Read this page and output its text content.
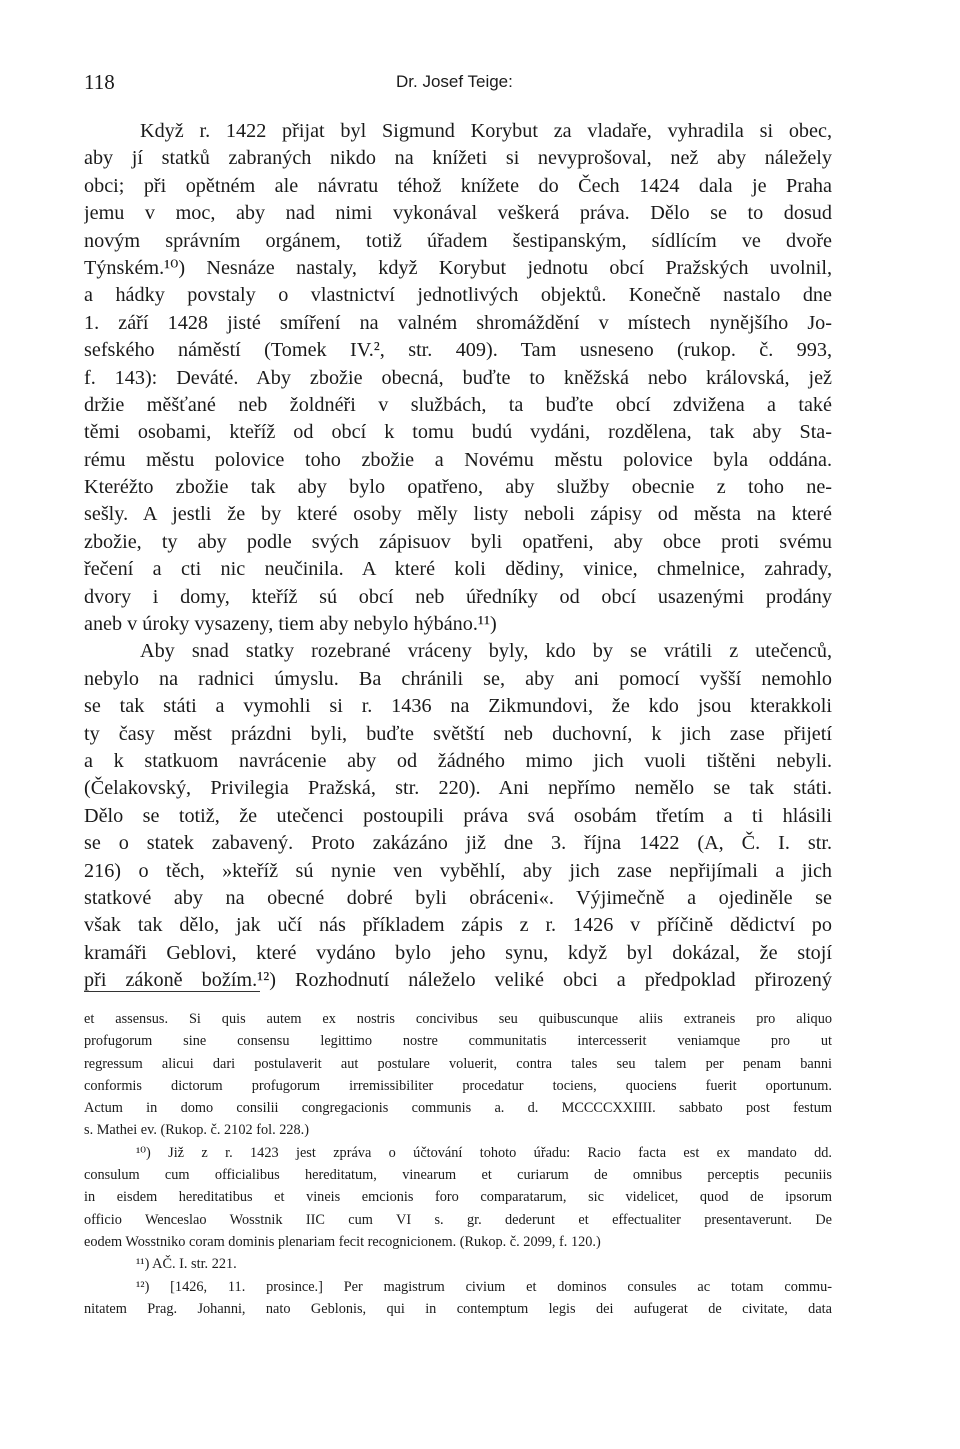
118	Dr. Josef Teige:
Když r. 1422 přijat byl Sigmund Korybut za vladaře, vyhradila si obec,
aby jí statků zabraných nikdo na knížeti si nevyprošoval, než aby náležely
obci; při opětném ale návratu téhož knížete do Čech 1424 dala je Praha
jemu v moc, aby nad nimi vykonával veškerá práva. Dělo se to dosud
novým správním orgánem, totiž úřadem šestipanským, sídlícím ve dvoře
Týnském.¹⁰) Nesnáze nastaly, když Korybut jednotu obcí Pražských uvolnil,
a hádky povstaly o vlastnictví jednotlivých objektů. Konečně nastalo dne
1. září 1428 jisté smíření na valném shromáždění v místech nynějšího Jo-
sefského náměstí (Tomek IV.², str. 409). Tam usneseno (rukop. č. 993,
f. 143): Deváté. Aby zbožie obecná, buďte to kněžská nebo královská, jež
držie měšťané neb žoldnéři v službách, ta buďte obcí zdvižena a také
těmi osobami, kteříž od obcí k tomu budú vydáni, rozdělena, tak aby Sta-
rému městu polovice toho zbožie a Novému městu polovice byla oddána.
Kteréžto zbožie tak aby bylo opatřeno, aby služby obecnie z toho ne-
sešly. A jestli že by které osoby měly listy neboli zápisy od města na které
zbožie, ty aby podle svých zápisuov byli opatřeni, aby obce proti svému
řečení a cti nic neučinila. A které koli dědiny, vinice, chmelnice, zahrady,
dvory i domy, kteříž sú obcí neb úředníky od obcí usazenými prodány
aneb v úroky vysazeny, tiem aby nebylo hýbáno.¹¹)
Aby snad statky rozebrané vráceny byly, kdo by se vrátili z utečenců,
nebylo na radnici úmyslu. Ba chránili se, aby ani pomocí vyšší nemohlo
se tak státi a vymohli si r. 1436 na Zikmundovi, že kdo jsou kterakkoli
ty časy měst prázdni byli, buďte světští neb duchovní, k jich zase přijetí
a k statkuom navrácenie aby od žádného mimo jich vuoli tištěni nebyli.
(Čelakovský, Privilegia Pražská, str. 220). Ani nepřímo nemělo se tak státi.
Dělo se totiž, že utečenci postoupili práva svá osobám třetím a ti hlásili
se o statek zabavený. Proto zakázáno již dne 3. října 1422 (A, Č. I. str.
216) o těch, »kteříž sú nynie ven vyběhlí, aby jich zase nepřijímali a jich
statkové aby na obecné dobré byli obráceni«. Výjimečně a ojediněle se
však tak dělo, jak učí nás příkladem zápis z r. 1426 v příčině dědictví po
kramáři Geblovi, které vydáno bylo jeho synu, když byl dokázal, že stojí
při zákoně božím.¹²) Rozhodnutí náleželo veliké obci a předpoklad přirozený
et assensus. Si quis autem ex nostris concivibus seu quibuscunque aliis extraneis pro aliquo
profugorum sine consensu legittimo nostre communitatis intercesserit veniamque pro ut
regressum alicui dari postulaverit aut postulare voluerit, contra tales seu talem per penam banni
conformis dictorum profugorum irremissibiliter procedatur tociens, quociens fuerit oportunum.
Actum in domo consilii congregacionis communis a. d. MCCCCXXIIII. sabbato post festum
s. Mathei ev. (Rukop. č. 2102 fol. 228.)
¹⁰) Již z r. 1423 jest zpráva o účtování tohoto úřadu: Racio facta est ex mandato dd.
consulum cum officialibus hereditatum, vinearum et curiarum de omnibus perceptis pecuniis
in eisdem hereditatibus et vineis emcionis foro comparatarum, sic videlicet, quod de ipsorum
officio Wenceslao Wosstnik IIC cum VI s. gr. dederunt et effectualiter presentaverunt. De
eodem Wosstniko coram dominis plenariam fecit recognicionem. (Rukop. č. 2099, f. 120.)
¹¹) AČ. I. str. 221.
¹²) [1426, 11. prosince.] Per magistrum civium et dominos consules ac totam commu-
nitatem Prag. Johanni, nato Geblonis, qui in contemptum legis dei aufugerat de civitate, data
